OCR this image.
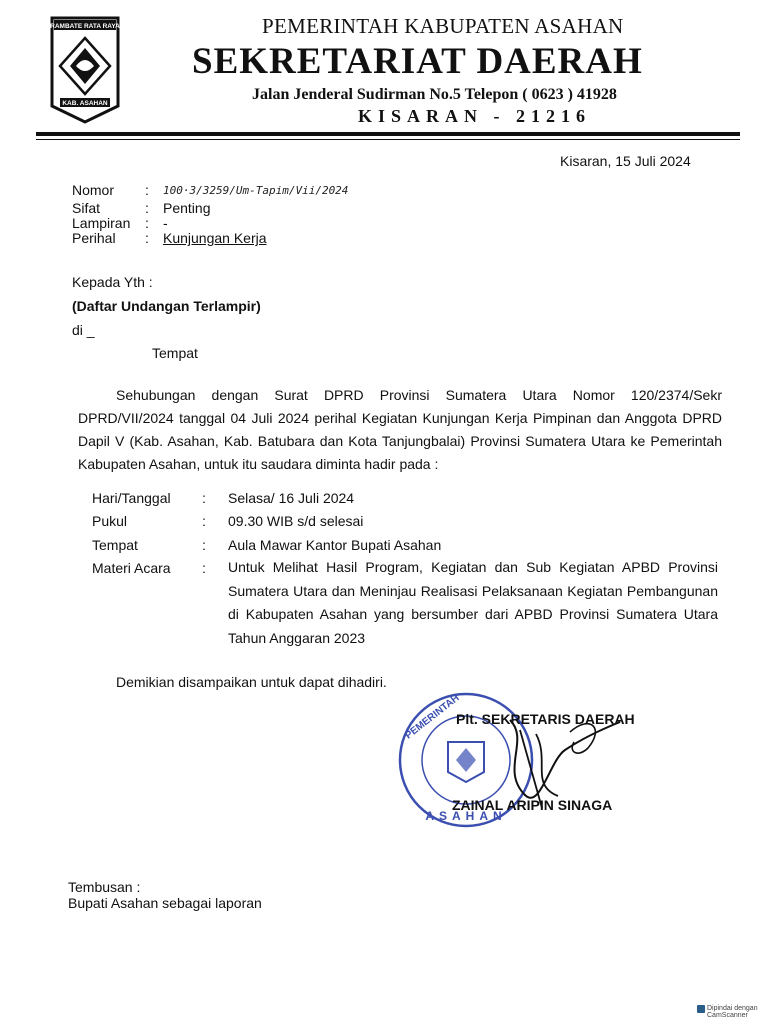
RAMBATE RATA RAYA
KAB. ASAHAN
PEMERINTAH KABUPATEN ASAHAN
SEKRETARIAT DAERAH
Jalan Jenderal Sudirman No.5 Telepon ( 0623 ) 41928
KISARAN - 21216
Kisaran, 15 Juli 2024
Nomor : 100·3/3259/Um-Tapim/Vii/2024
Sifat	: Penting
Lampiran : -
Perihal : Kunjungan Kerja
Kepada Yth :
(Daftar Undangan Terlampir)
di _
Tempat
Sehubungan dengan Surat DPRD Provinsi Sumatera Utara Nomor 120/2374/Sekr DPRD/VII/2024 tanggal 04 Juli 2024 perihal Kegiatan Kunjungan Kerja Pimpinan dan Anggota DPRD Dapil V (Kab. Asahan, Kab. Batubara dan Kota Tanjungbalai) Provinsi Sumatera Utara ke Pemerintah Kabupaten Asahan, untuk itu saudara diminta hadir pada :
Hari/Tanggal : Selasa/ 16 Juli 2024
Pukul	: 09.30 WIB s/d selesai
Tempat	: Aula Mawar Kantor Bupati Asahan
Materi Acara : Untuk Melihat Hasil Program, Kegiatan dan Sub Kegiatan APBD Provinsi Sumatera Utara dan Meninjau Realisasi Pelaksanaan Kegiatan Pembangunan di Kabupaten Asahan yang bersumber dari APBD Provinsi Sumatera Utara Tahun Anggaran 2023
Demikian disampaikan untuk dapat dihadiri.
PEMERINTAH
ASAHAN
Plt. SEKRETARIS DAERAH
ZAINAL ARIPIN SINAGA
Tembusan :
Bupati Asahan sebagai laporan
Dipindai dengan CamScanner
